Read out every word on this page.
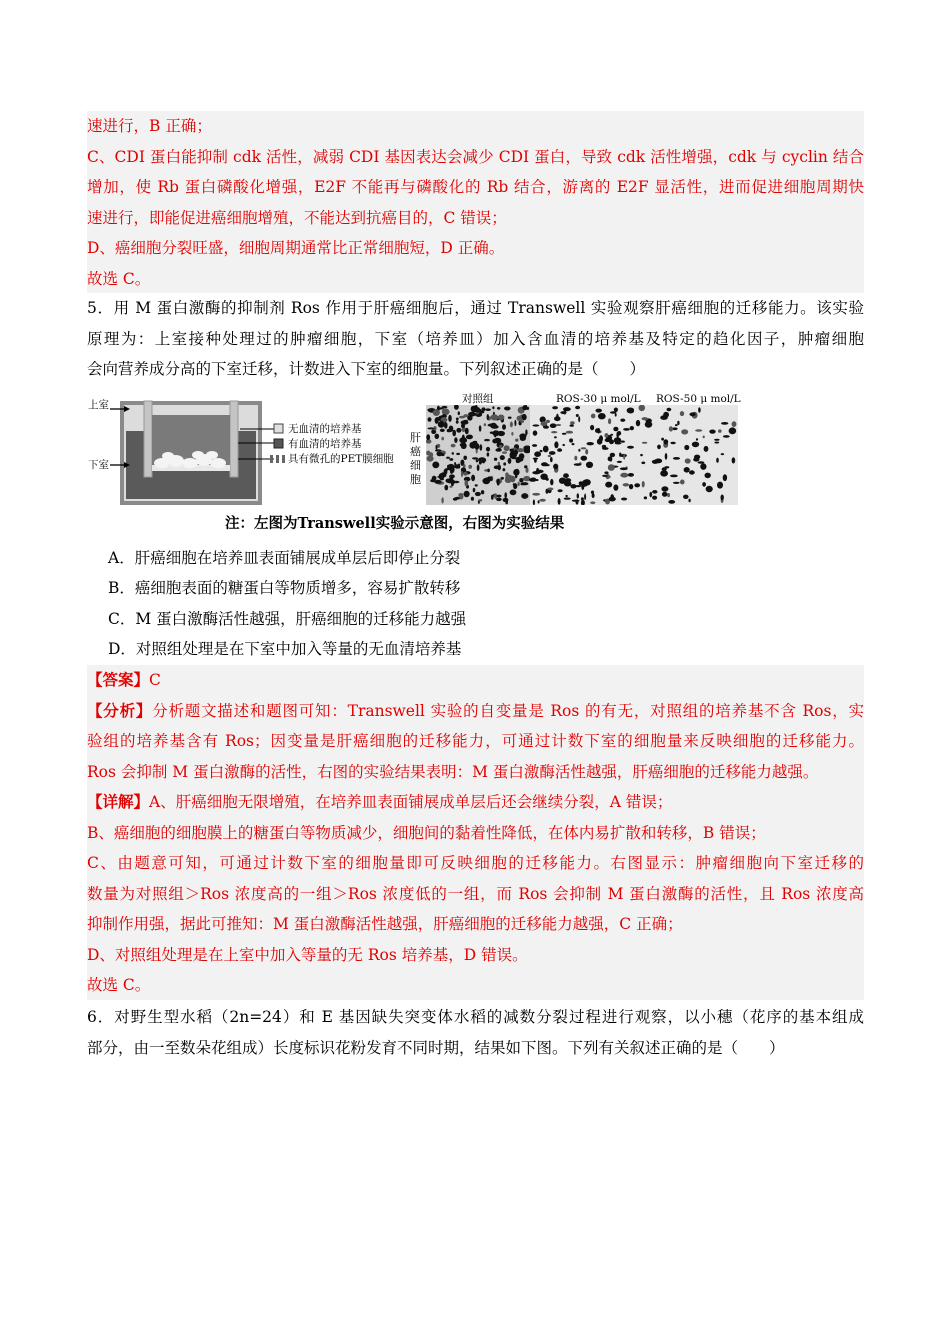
速进行，B 正确；
C、CDI 蛋白能抑制 cdk 活性，减弱 CDI 基因表达会减少 CDI 蛋白，导致 cdk 活性增强，cdk 与 cyclin 结合
增加，使 Rb 蛋白磷酸化增强，E2F 不能再与磷酸化的 Rb 结合，游离的 E2F 显活性，进而促进细胞周期快
速进行，即能促进癌细胞增殖，不能达到抗癌目的，C 错误；
D、癌细胞分裂旺盛，细胞周期通常比正常细胞短，D 正确。
故选 C。
5．用 M 蛋白激酶的抑制剂 Ros 作用于肝癌细胞后，通过 Transwell 实验观察肝癌细胞的迁移能力。该实验
原理为：上室接种处理过的肿瘤细胞，下室（培养皿）加入含血清的培养基及特定的趋化因子，肿瘤细胞
会向营养成分高的下室迁移，计数进入下室的细胞量。下列叙述正确的是（　　）
上室
下室
无血清的培养基
有血清的培养基
具有微孔的PET膜细胞
对照组	ROS-30 μ mol/L ROS-50 μ mol/L
肝癌细胞
注：左图为Transwell实验示意图，右图为实验结果
A．肝癌细胞在培养皿表面铺展成单层后即停止分裂
B．癌细胞表面的糖蛋白等物质增多，容易扩散转移
C．M 蛋白激酶活性越强，肝癌细胞的迁移能力越强
D．对照组处理是在下室中加入等量的无血清培养基
【答案】C
【分析】分析题文描述和题图可知：Transwell 实验的自变量是 Ros 的有无，对照组的培养基不含 Ros，实
验组的培养基含有 Ros；因变量是肝癌细胞的迁移能力，可通过计数下室的细胞量来反映细胞的迁移能力。
Ros 会抑制 M 蛋白激酶的活性，右图的实验结果表明：M 蛋白激酶活性越强，肝癌细胞的迁移能力越强。
【详解】A、肝癌细胞无限增殖，在培养皿表面铺展成单层后还会继续分裂，A 错误；
B、癌细胞的细胞膜上的糖蛋白等物质减少，细胞间的黏着性降低，在体内易扩散和转移，B 错误；
C、由题意可知，可通过计数下室的细胞量即可反映细胞的迁移能力。右图显示：肿瘤细胞向下室迁移的
数量为对照组＞Ros 浓度高的一组＞Ros 浓度低的一组，而 Ros 会抑制 M 蛋白激酶的活性，且 Ros 浓度高
抑制作用强，据此可推知：M 蛋白激酶活性越强，肝癌细胞的迁移能力越强，C 正确；
D、对照组处理是在上室中加入等量的无 Ros 培养基，D 错误。
故选 C。
6．对野生型水稻（2n=24）和 E 基因缺失突变体水稻的减数分裂过程进行观察，以小穗（花序的基本组成
部分，由一至数朵花组成）长度标识花粉发育不同时期，结果如下图。下列有关叙述正确的是（　　）
